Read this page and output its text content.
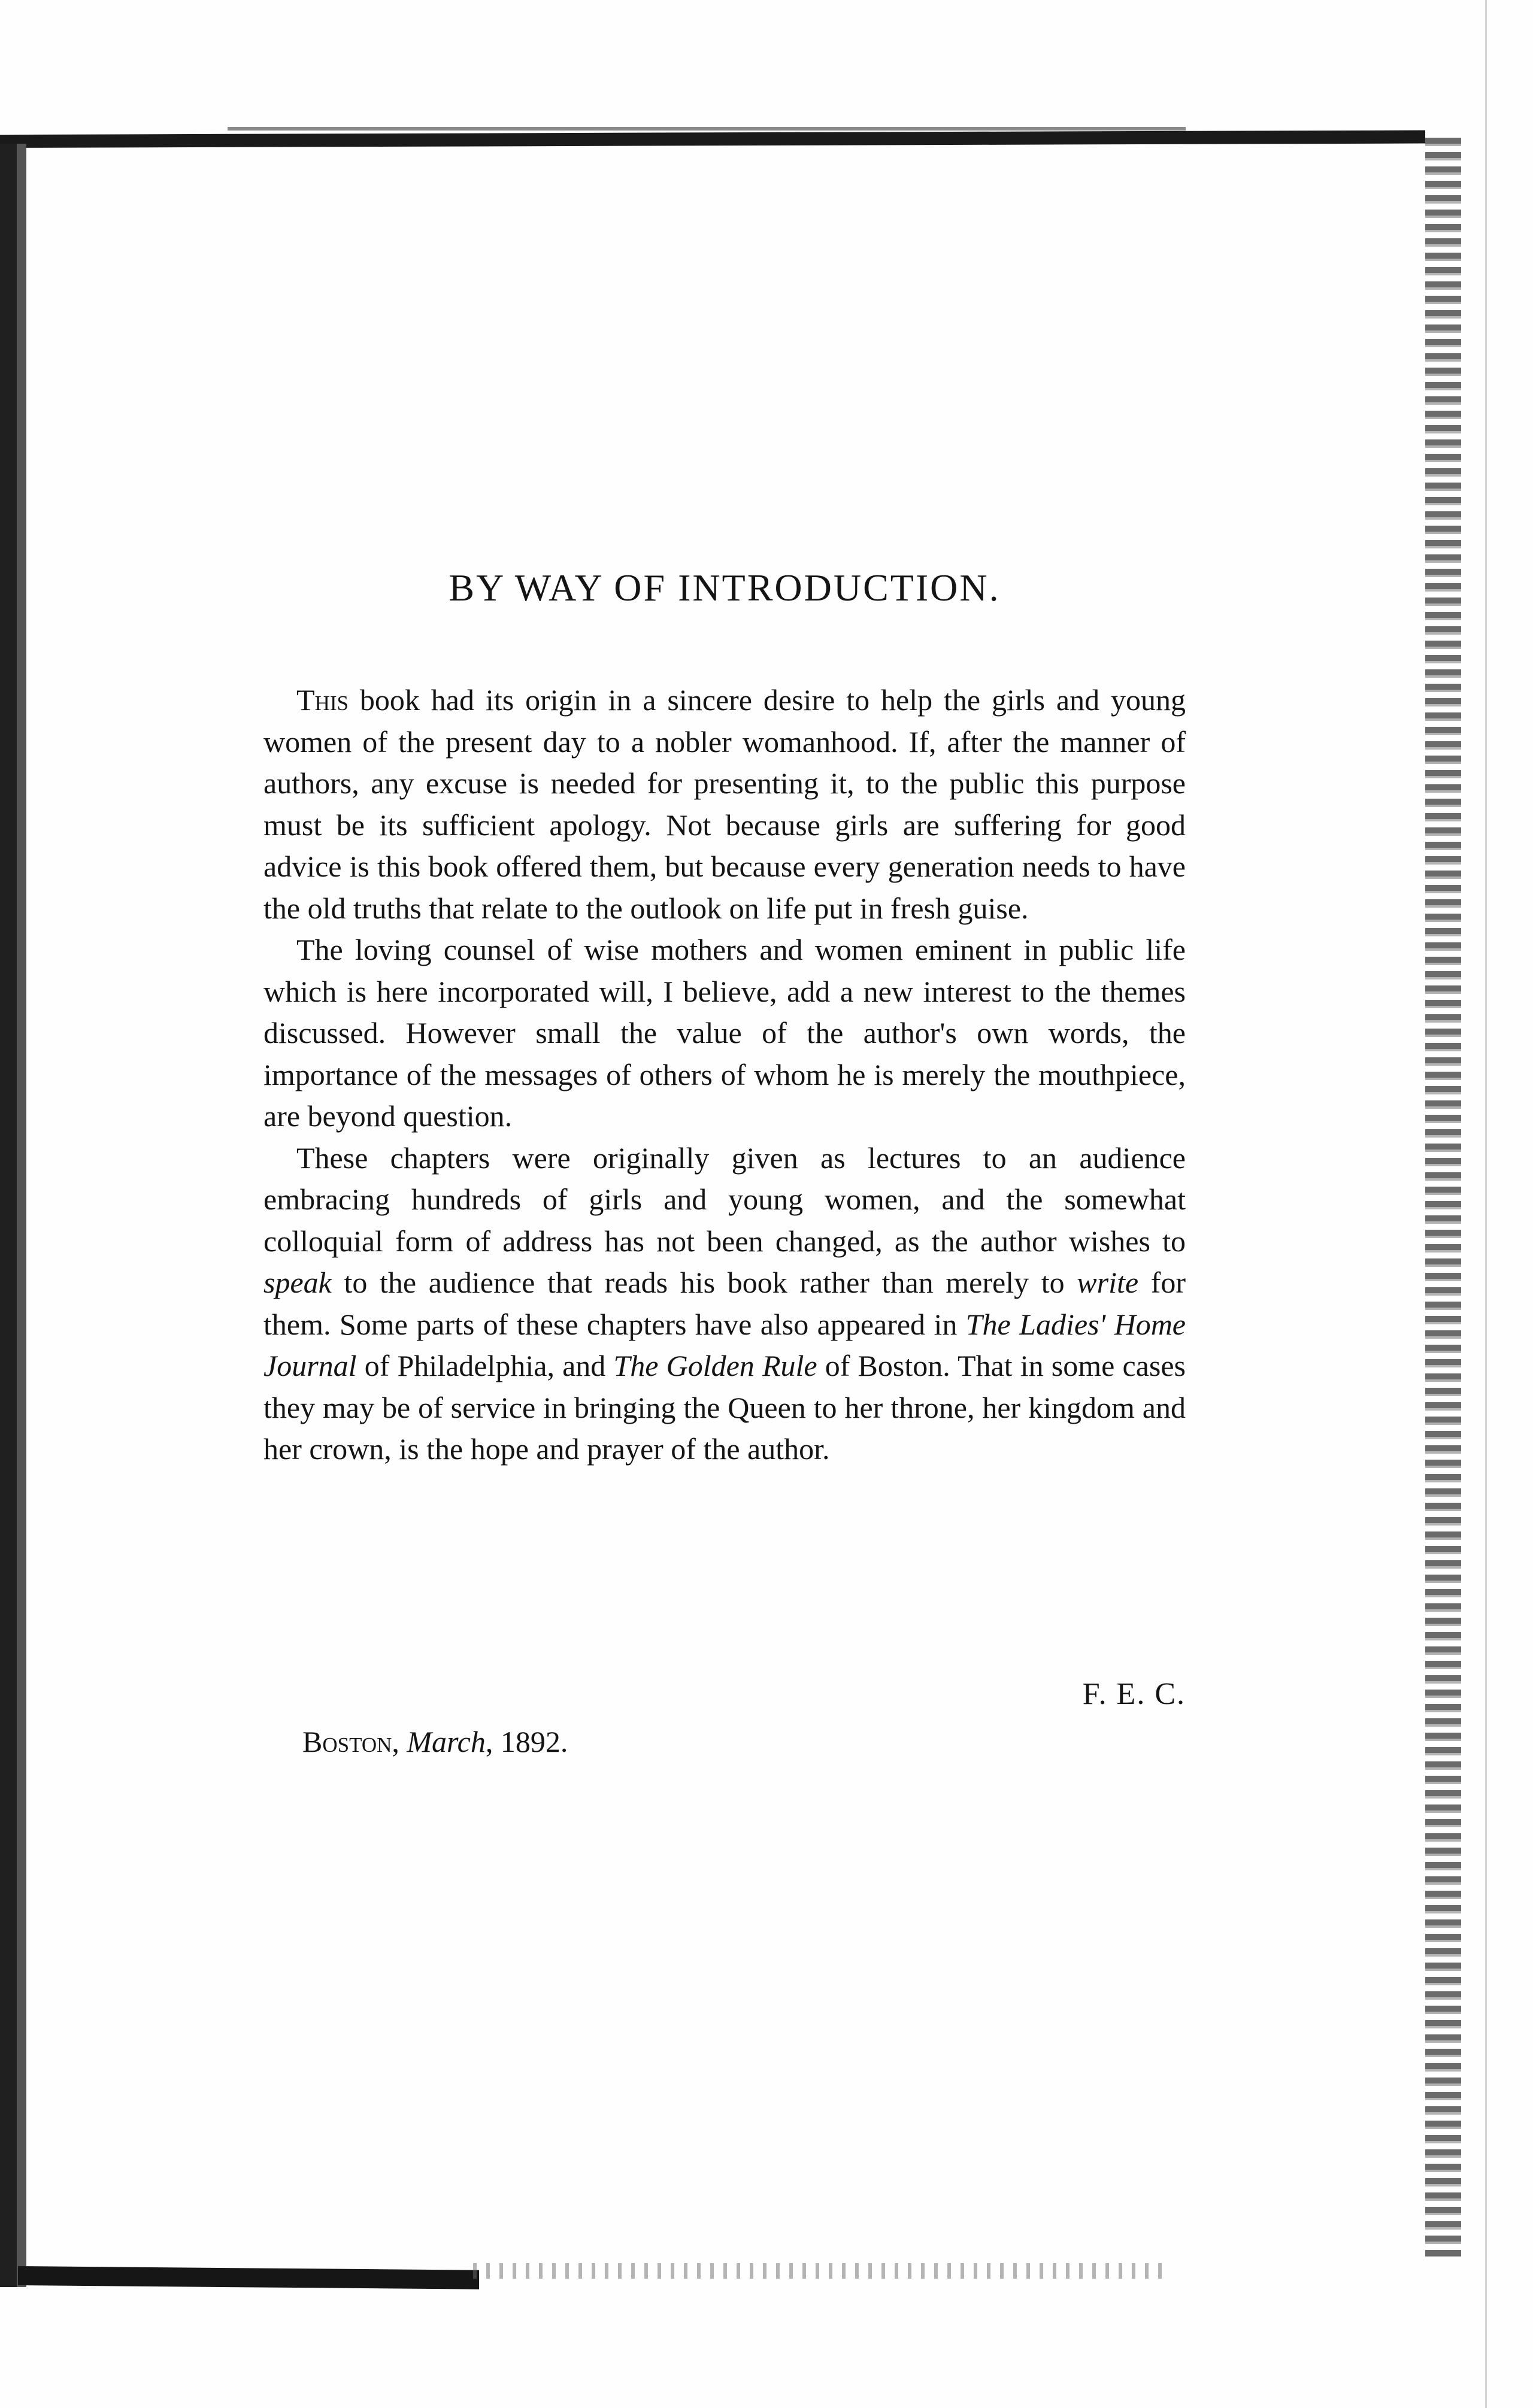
BY WAY OF INTRODUCTION.

This book had its origin in a sincere desire to help the girls and young women of the present day to a nobler womanhood. If, after the manner of authors, any excuse is needed for presenting it, to the public this purpose must be its sufficient apology. Not because girls are suffering for good advice is this book offered them, but because every generation needs to have the old truths that relate to the outlook on life put in fresh guise.

The loving counsel of wise mothers and women eminent in public life which is here incorporated will, I believe, add a new interest to the themes discussed. However small the value of the author's own words, the importance of the messages of others of whom he is merely the mouthpiece, are beyond question.

These chapters were originally given as lectures to an audience embracing hundreds of girls and young women, and the somewhat colloquial form of address has not been changed, as the author wishes to speak to the audience that reads his book rather than merely to write for them. Some parts of these chapters have also appeared in The Ladies' Home Journal of Philadelphia, and The Golden Rule of Boston. That in some cases they may be of service in bringing the Queen to her throne, her kingdom and her crown, is the hope and prayer of the author.

F. E. C.
Boston, March, 1892.
